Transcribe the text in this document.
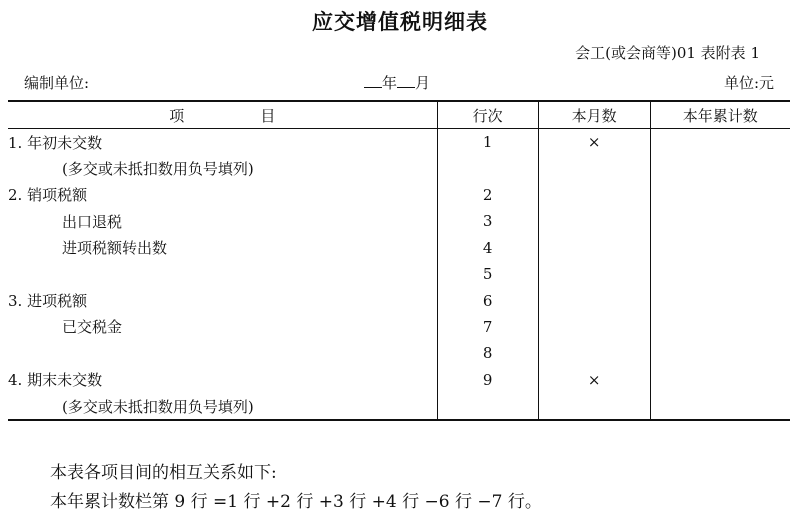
应交增值税明细表
会工(或会商等)01 表附表 1
编制单位:	年 月	单位:元
项 目	行次	本月数	本年累计数
1. 年初未交数	1	×	
(多交或未抵扣数用负号填列)			
2. 销项税额	2		
出口退税	3		
进项税额转出数	4		
	5		
3. 进项税额	6		
已交税金	7		
	8		
4. 期末未交数	9	×	
(多交或未抵扣数用负号填列)			
本表各项目间的相互关系如下:
本年累计数栏第 9 行 =1 行 +2 行 +3 行 +4 行 −6 行 −7 行。
